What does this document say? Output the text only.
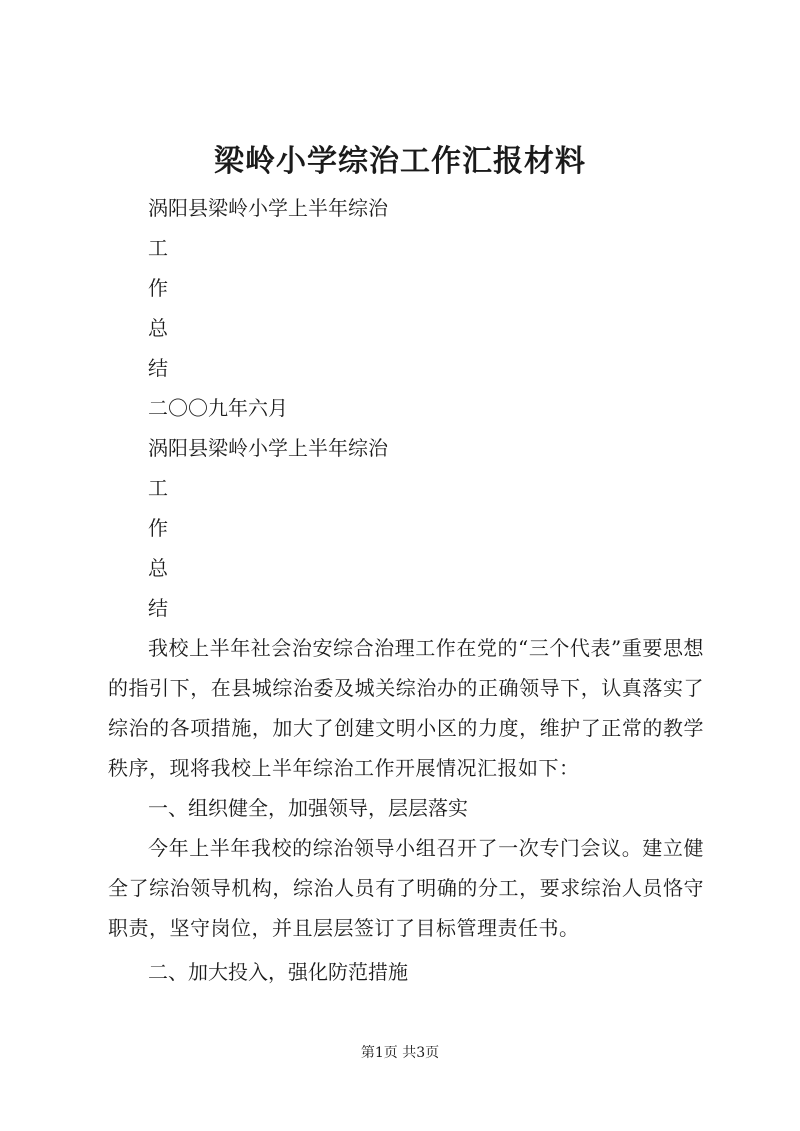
梁岭小学综治工作汇报材料
涡阳县梁岭小学上半年综治
工
作
总
结
二〇〇九年六月
涡阳县梁岭小学上半年综治
工
作
总
结
我校上半年社会治安综合治理工作在党的“三个代表”重要思想的指引下，在县城综治委及城关综治办的正确领导下，认真落实了综治的各项措施，加大了创建文明小区的力度，维护了正常的教学秩序，现将我校上半年综治工作开展情况汇报如下：
一、组织健全，加强领导，层层落实
今年上半年我校的综治领导小组召开了一次专门会议。建立健全了综治领导机构，综治人员有了明确的分工，要求综治人员恪守职责，坚守岗位，并且层层签订了目标管理责任书。
二、加大投入，强化防范措施
第1页 共3页
